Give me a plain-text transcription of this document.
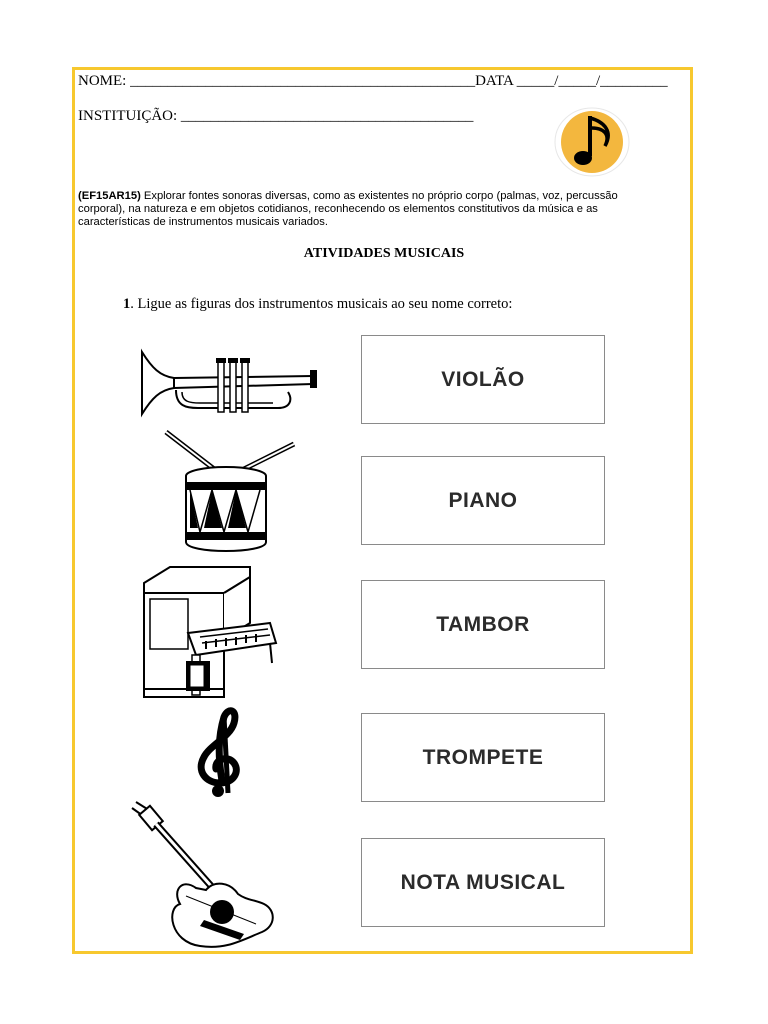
NOME: ______________________________________________DATA _____/_____/_________
INSTITUIÇÃO: _______________________________________
(EF15AR15) Explorar fontes sonoras diversas, como as existentes no próprio corpo (palmas, voz, percussão corporal), na natureza e em objetos cotidianos, reconhecendo os elementos constitutivos da música e as características de instrumentos musicais variados.
ATIVIDADES MUSICAIS
1. Ligue as figuras dos instrumentos musicais ao seu nome correto:
VIOLÃO
PIANO
TAMBOR
TROMPETE
NOTA MUSICAL
